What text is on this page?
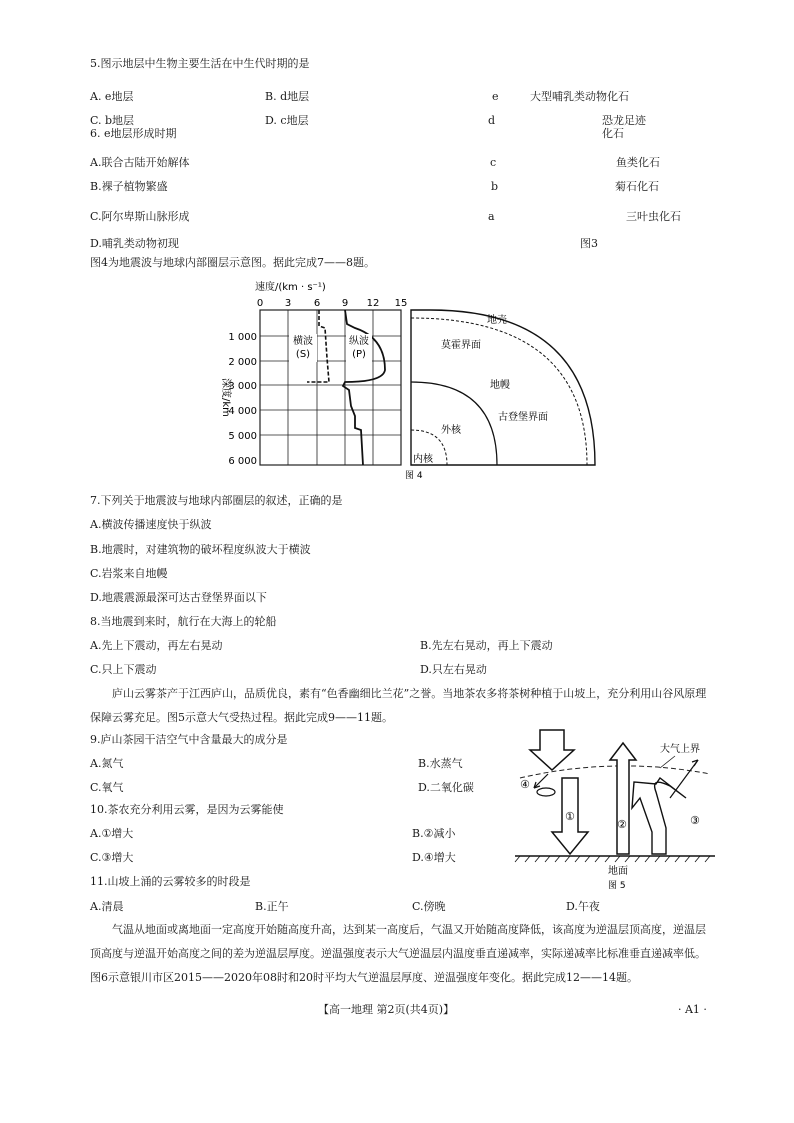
5.图示地层中生物主要生活在中生代时期的是
A. e地层	B. d地层
C. b地层	D. c地层
6. e地层形成时期
A.联合古陆开始解体
B.裸子植物繁盛
C.阿尔卑斯山脉形成
D.哺乳类动物初现
e	大型哺乳类动物化石
d	恐龙足迹化石
c	鱼类化石
b	菊石化石
a	三叶虫化石
图3
图4为地震波与地球内部圈层示意图。据此完成7——8题。
速度/(km · s⁻¹)
0 3 6 9 12 15
深度/km
1 000
2 000
3 000
4 000
5 000
6 000
横波
(S)
纵波
(P)
地壳
莫霍界面
地幔
古登堡界面
外核
内核
图 4
7.下列关于地震波与地球内部圈层的叙述，正确的是
A.横波传播速度快于纵波
B.地震时，对建筑物的破坏程度纵波大于横波
C.岩浆来自地幔
D.地震震源最深可达古登堡界面以下
8.当地震到来时，航行在大海上的轮船
A.先上下震动，再左右晃动	B.先左右晃动，再上下震动
C.只上下震动	D.只左右晃动
庐山云雾茶产于江西庐山，品质优良，素有“色香幽细比兰花”之誉。当地茶农多将茶树种植于山坡上，充分利用山谷风原理保障云雾充足。图5示意大气受热过程。据此完成9——11题。
9.庐山茶园干洁空气中含量最大的成分是
A.氮气	B.水蒸气
C.氧气	D.二氧化碳
10.茶农充分利用云雾，是因为云雾能使
A.①增大	B.②减小
C.③增大	D.④增大
11.山坡上涌的云雾较多的时段是
A.清晨	B.正午	C.傍晚	D.午夜
大气上界
④
①
②	③
地面
图 5
气温从地面或离地面一定高度开始随高度升高，达到某一高度后，气温又开始随高度降低，该高度为逆温层顶高度，逆温层顶高度与逆温开始高度之间的差为逆温层厚度。逆温强度表示大气逆温层内温度垂直递减率，实际递减率比标准垂直递减率低。图6示意银川市区2015——2020年08时和20时平均大气逆温层厚度、逆温强度年变化。据此完成12——14题。
【高一地理 第2页(共4页)】	· A1 ·
